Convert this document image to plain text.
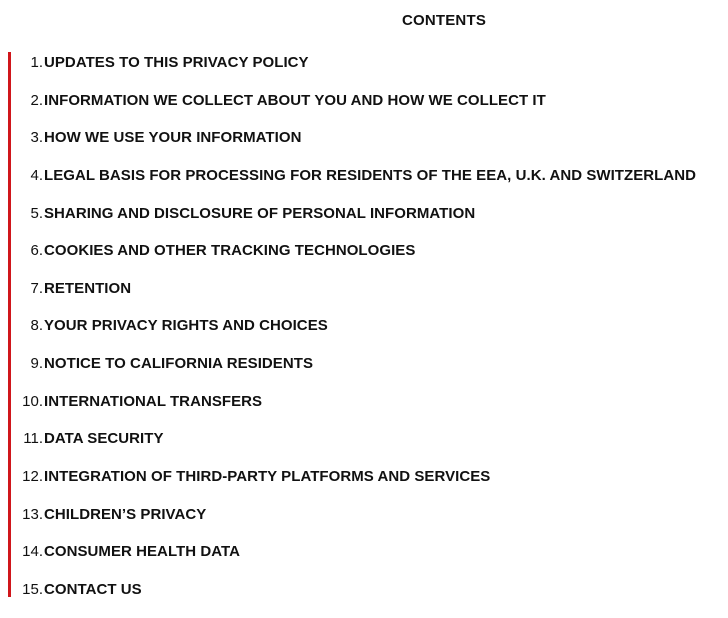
CONTENTS
1. UPDATES TO THIS PRIVACY POLICY
2. INFORMATION WE COLLECT ABOUT YOU AND HOW WE COLLECT IT
3. HOW WE USE YOUR INFORMATION
4. LEGAL BASIS FOR PROCESSING FOR RESIDENTS OF THE EEA, U.K. AND SWITZERLAND
5. SHARING AND DISCLOSURE OF PERSONAL INFORMATION
6. COOKIES AND OTHER TRACKING TECHNOLOGIES
7. RETENTION
8. YOUR PRIVACY RIGHTS AND CHOICES
9. NOTICE TO CALIFORNIA RESIDENTS
10. INTERNATIONAL TRANSFERS
11. DATA SECURITY
12. INTEGRATION OF THIRD-PARTY PLATFORMS AND SERVICES
13. CHILDREN’S PRIVACY
14. CONSUMER HEALTH DATA
15. CONTACT US
